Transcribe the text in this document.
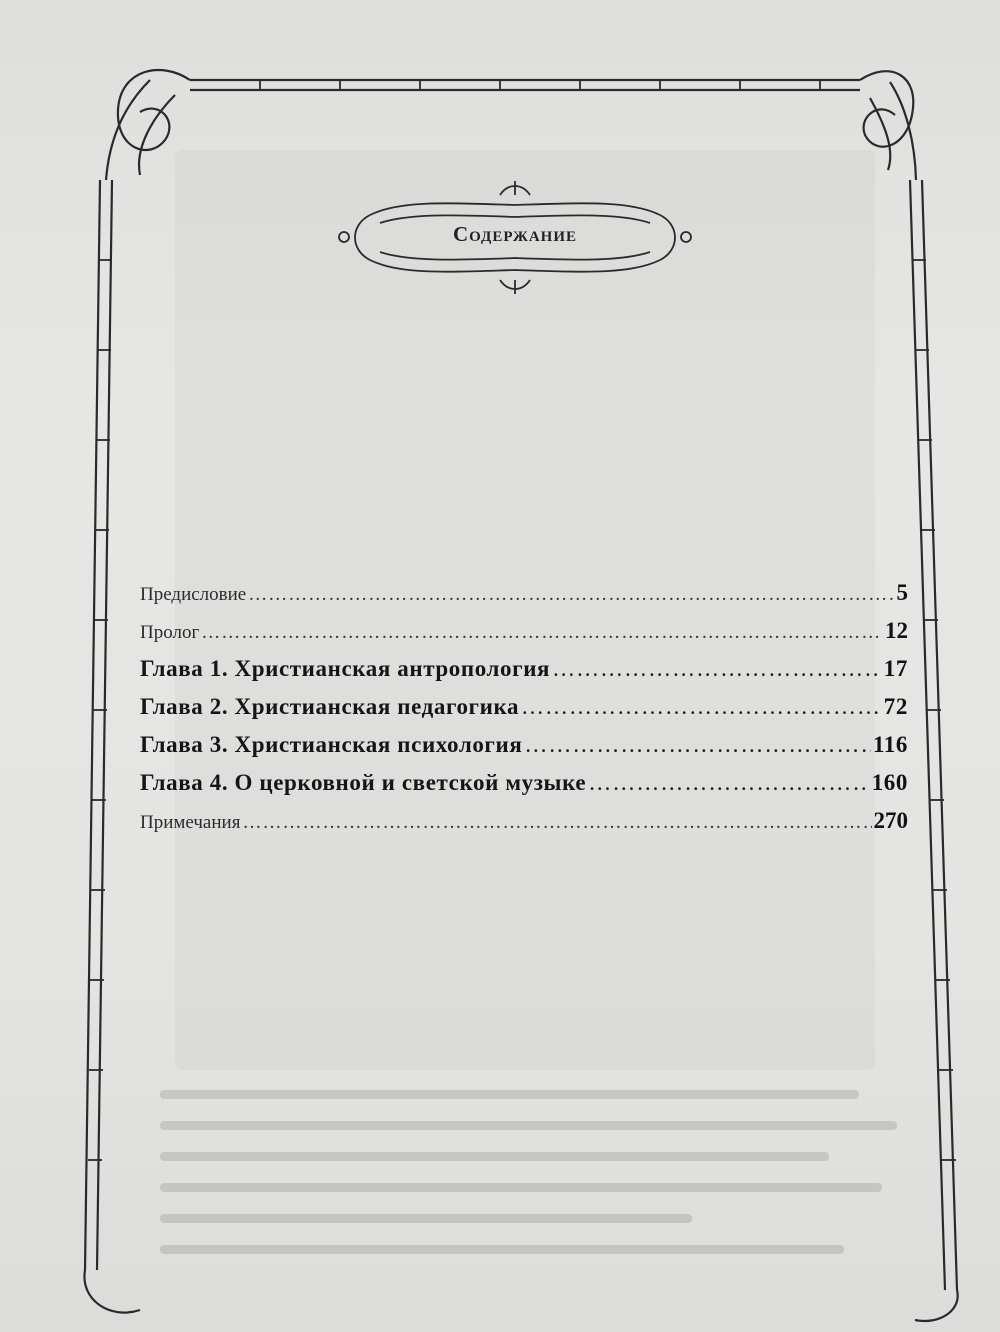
Содержание
Предисловие …………………………………………………………………………………………………………………………………………	5
Пролог …………………………………………………………………………………………………………………………………………	12
Глава 1. Христианская антропология …………………………………………………………………………………………………………………………………………	17
Глава 2. Христианская педагогика …………………………………………………………………………………………………………………………………………	72
Глава 3. Христианская психология …………………………………………………………………………………………………………………………………………	116
Глава 4. О церковной и светской музыке …………………………………………………………………………………………………………………………………………	160
Примечания …………………………………………………………………………………………………………………………………………	270
